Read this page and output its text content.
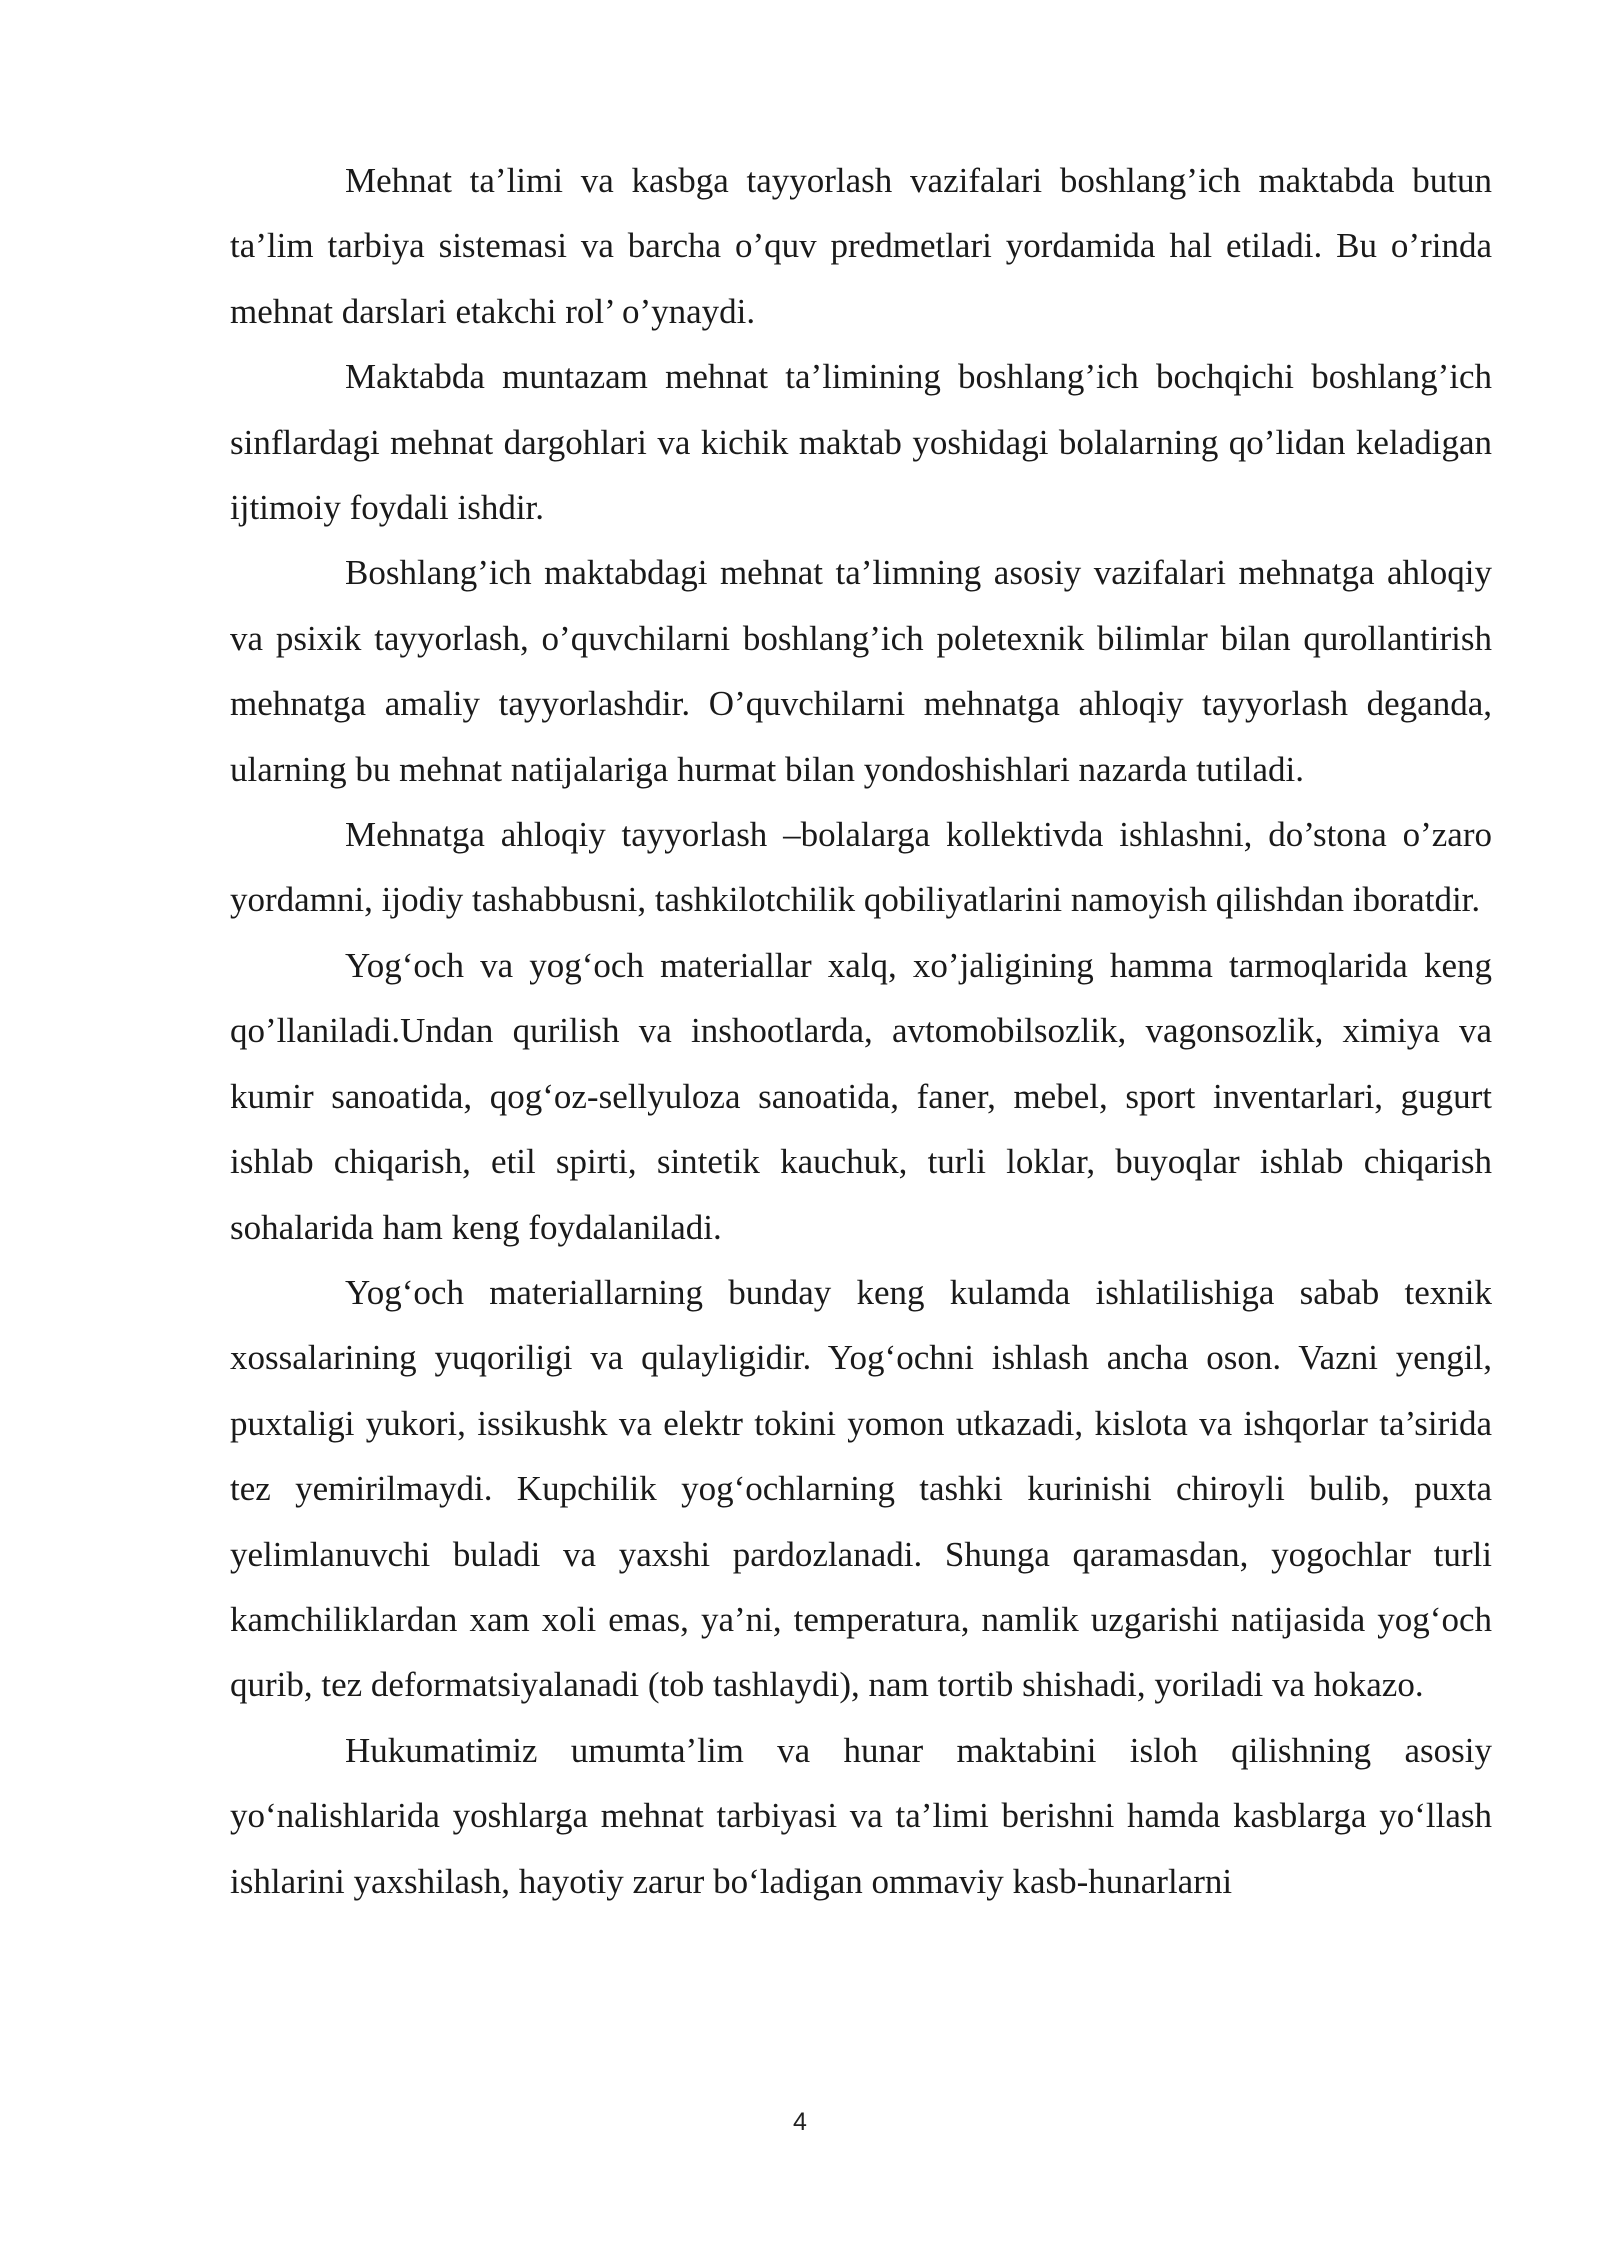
Mehnat ta’limi va kasbga tayyorlash vazifalari boshlang’ich maktabda butun ta’lim tarbiya sistemasi va barcha o’quv predmetlari yordamida hal etiladi. Bu o’rinda mehnat darslari etakchi rol’ o’ynaydi.

Maktabda muntazam mehnat ta’limining boshlang’ich bochqichi boshlang’ich sinflardagi mehnat dargohlari va kichik maktab yoshidagi bolalarning qo’lidan keladigan ijtimoiy foydali ishdir.

Boshlang’ich maktabdagi mehnat ta’limning asosiy vazifalari mehnatga ahloqiy va psixik tayyorlash, o’quvchilarni boshlang’ich poletexnik bilimlar bilan qurollantirish mehnatga amaliy tayyorlashdir. O’quvchilarni mehnatga ahloqiy tayyorlash deganda, ularning bu mehnat natijalariga hurmat bilan yondoshishlari nazarda tutiladi.

Mehnatga ahloqiy tayyorlash –bolalarga kollektivda ishlashni, do’stona o’zaro yordamni, ijodiy tashabbusni, tashkilotchilik qobiliyatlarini namoyish qilishdan iboratdir.

Yog‘och va yog‘och materiallar xalq, xo’jaligining hamma tarmoqlarida keng qo’llaniladi.Undan qurilish va inshootlarda, avtomobilsozlik, vagonsozlik, ximiya va kumir sanoatida, qog‘oz-sellyuloza sanoatida, faner, mebel, sport inventarlari, gugurt ishlab chiqarish, etil spirti, sintetik kauchuk, turli loklar, buyoqlar ishlab chiqarish sohalarida ham keng foydalaniladi.

Yog‘och materiallarning bunday keng kulamda ishlatilishiga sabab texnik xossalarining yuqoriligi va qulayligidir. Yog‘ochni ishlash ancha oson. Vazni yengil, puxtaligi yukori, issikushk va elektr tokini yomon utkazadi, kislota va ishqorlar ta’sirida tez yemirilmaydi. Kupchilik yog‘ochlarning tashki kurinishi chiroyli bulib, puxta yelimlanuvchi buladi va yaxshi pardozlanadi. Shunga qaramasdan, yogochlar turli kamchiliklardan xam xoli emas, ya’ni, temperatura, namlik uzgarishi natijasida yog‘och qurib, tez deformatsiyalanadi (tob tashlaydi), nam tortib shishadi, yoriladi va hokazo.

Hukumatimiz umumta’lim va hunar maktabini isloh qilishning asosiy yo‘nalishlarida yoshlarga mehnat tarbiyasi va ta’limi berishni hamda kasblarga yo‘llash ishlarini yaxshilash, hayotiy zarur bo‘ladigan ommaviy kasb-hunarlarni

4
